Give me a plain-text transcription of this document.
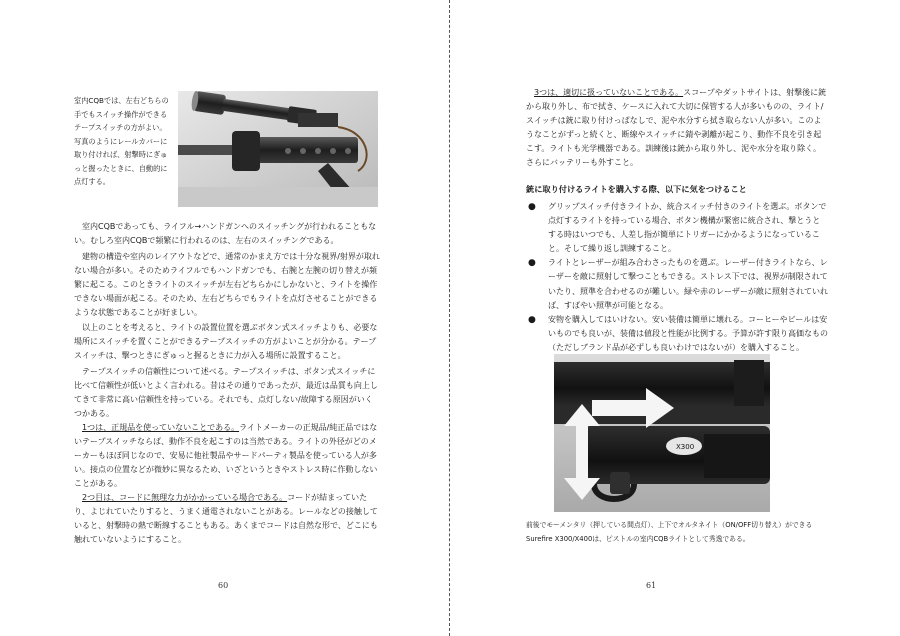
室内CQBでは、左右どちらの手でもスイッチ操作ができるテープスイッチの方がよい。写真のようにレールカバーに取り付ければ、射撃時にぎゅっと握ったときに、自動的に点灯する。
室内CQBであっても、ライフル→ハンドガンへのスイッチングが行われることもない。むしろ室内CQBで頻繁に行われるのは、左右のスイッチングである。
建物の構造や室内のレイアウトなどで、通常のかまえ方では十分な視界/射界が取れない場合が多い。そのためライフルでもハンドガンでも、右腕と左腕の切り替えが頻繁に起こる。このときライトのスイッチが左右どちらかにしかないと、ライトを操作できない場面が起こる。そのため、左右どちらでもライトを点灯させることができるような状態であることが好ましい。
以上のことを考えると、ライトの設置位置を選ぶボタン式スイッチよりも、必要な場所にスイッチを置くことができるテープスイッチの方がよいことが分かる。テープスイッチは、撃つときにぎゅっと握るときに力が入る場所に設置すること。
テープスイッチの信頼性について述べる。テープスイッチは、ボタン式スイッチに比べて信頼性が低いとよく言われる。昔はその通りであったが、最近は品質も向上してきて非常に高い信頼性を持っている。それでも、点灯しない/故障する原因がいくつかある。
1つは、正規品を使っていないことである。ライトメーカーの正規品/純正品ではないテープスイッチならば、動作不良を起こすのは当然である。ライトの外径がどのメーカーもほぼ同じなので、安易に他社製品やサードパーティ製品を使っている人が多い。接点の位置などが微妙に異なるため、いざというときやストレス時に作動しないことがある。
2つ目は、コードに無理な力がかかっている場合である。コードが結まっていたり、よじれていたりすると、うまく通電されないことがある。レールなどの接触していると、射撃時の熱で断線することもある。あくまでコードは自然な形で、どこにも触れていないようにすること。
60
3つは、適切に扱っていないことである。スコープやダットサイトは、射撃後に銃から取り外し、布で拭き、ケースに入れて大切に保管する人が多いものの、ライト/スイッチは銃に取り付けっぱなしで、泥や水分すら拭き取らない人が多い。このようなことがずっと続くと、断線やスイッチに錆や剥離が起こり、動作不良を引き起こす。ライトも光学機器である。訓練後は銃から取り外し、泥や水分を取り除く。さらにバッテリーも外すこと。
銃に取り付けるライトを購入する際、以下に気をつけること
● グリップスイッチ付きライトか、統合スイッチ付きのライトを選ぶ。ボタンで点灯するライトを持っている場合、ボタン機構が緊密に統合され、撃とうとする時はいつでも、人差し指が簡単にトリガーにかかるようになっていること。そして繰り返し訓練すること。
● ライトとレーザーが組み合わさったものを選ぶ。レーザー付きライトなら、レーザーを敵に照射して撃つこともできる。ストレス下では、視界が制限されていたり、照準を合わせるのが難しい。緑や赤のレーザーが敵に照射されていれば、すばやい照準が可能となる。
● 安物を購入してはいけない。安い装備は簡単に壊れる。コーヒーやビールは安いものでも良いが、装備は値段と性能が比例する。予算が許す限り高価なもの（ただしブランド品が必ずしも良いわけではないが）を購入すること。
X300
前後でモーメンタリ（押している間点灯）、上下でオルタネイト（ON/OFF切り替え）ができる
Surefire X300/X400は、ピストルの室内CQBライトとして秀逸である。
61
